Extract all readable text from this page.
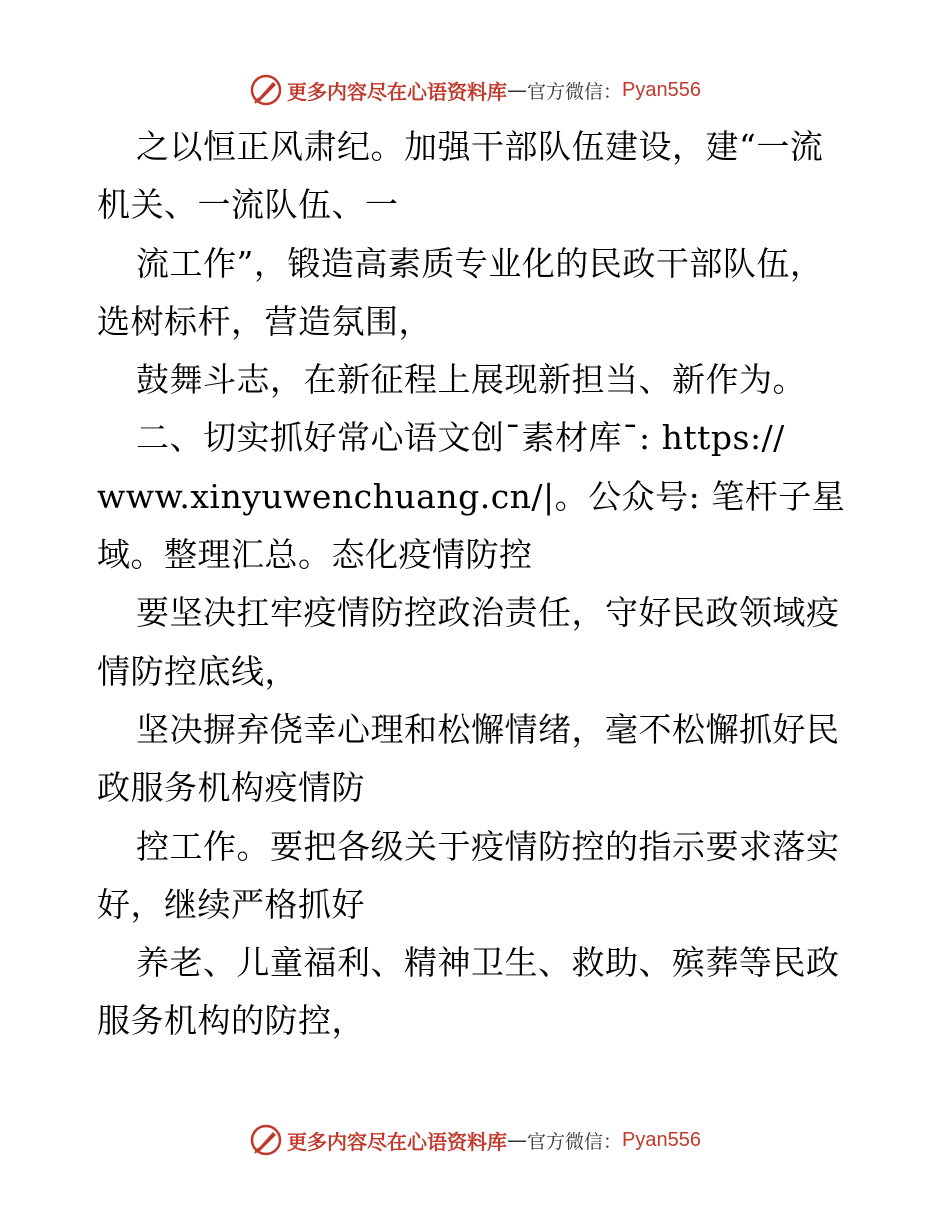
更多内容尽在心语资料库 — 官方微信： Pyan556
之以恒正风肃纪。加强干部队伍建设，建“一流
机关、一流队伍、一
流工作”，锻造高素质专业化的民政干部队伍，
选树标杆，营造氛围，
鼓舞斗志，在新征程上展现新担当、新作为。
二、切实抓好常心语文创¯素材库¯: https://
www.xinyuwenchuang.cn/|。公众号: 笔杆子星
域。整理汇总。态化疫情防控
要坚决扛牢疫情防控政治责任，守好民政领域疫
情防控底线，
坚决摒弃侥幸心理和松懈情绪，毫不松懈抓好民
政服务机构疫情防
控工作。要把各级关于疫情防控的指示要求落实
好，继续严格抓好
养老、儿童福利、精神卫生、救助、殡葬等民政
服务机构的防控，
更多内容尽在心语资料库 — 官方微信： Pyan556
